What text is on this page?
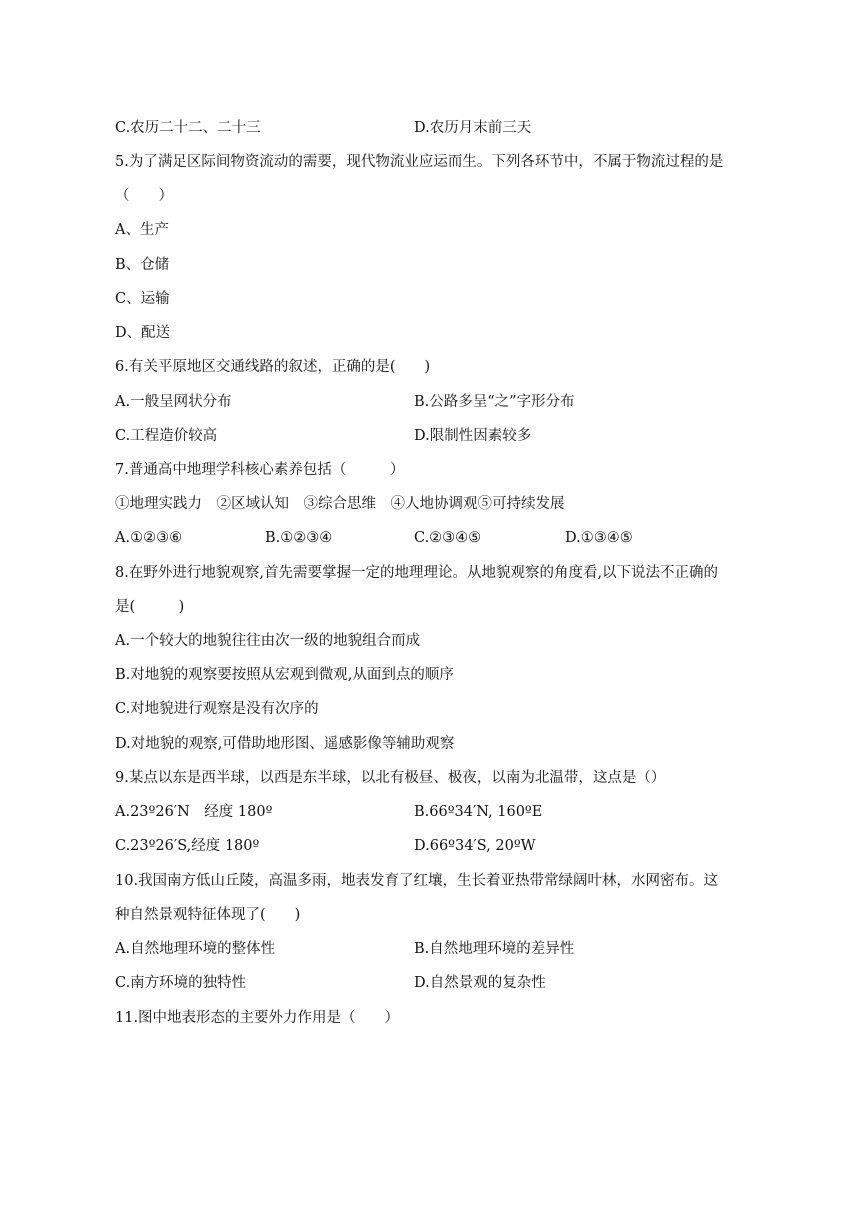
C.农历二十二、二十三	D.农历月末前三天
5.为了满足区际间物资流动的需要，现代物流业应运而生。下列各环节中，不属于物流过程的是
（　　）
A、生产
B、仓储
C、运输
D、配送
6.有关平原地区交通线路的叙述，正确的是(　　)
A.一般呈网状分布	B.公路多呈“之”字形分布
C.工程造价较高	D.限制性因素较多
7.普通高中地理学科核心素养包括（　　　）
①地理实践力　②区域认知　③综合思维　④人地协调观⑤可持续发展
A.①②③⑥	B.①②③④	C.②③④⑤	D.①③④⑤
8.在野外进行地貌观察,首先需要掌握一定的地理理论。从地貌观察的角度看,以下说法不正确的
是(　　　)
A.一个较大的地貌往往由次一级的地貌组合而成
B.对地貌的观察要按照从宏观到微观,从面到点的顺序
C.对地貌进行观察是没有次序的
D.对地貌的观察,可借助地形图、遥感影像等辅助观察
9.某点以东是西半球，以西是东半球，以北有极昼、极夜，以南为北温带，这点是（）
A.23º26′N　经度 180º	B.66º34′N, 160ºE
C.23º26′S,经度 180º	D.66º34′S, 20ºW
10.我国南方低山丘陵，高温多雨，地表发育了红壤，生长着亚热带常绿阔叶林，水网密布。这
种自然景观特征体现了(　　)
A.自然地理环境的整体性	B.自然地理环境的差异性
C.南方环境的独特性	D.自然景观的复杂性
11.图中地表形态的主要外力作用是（　　）
